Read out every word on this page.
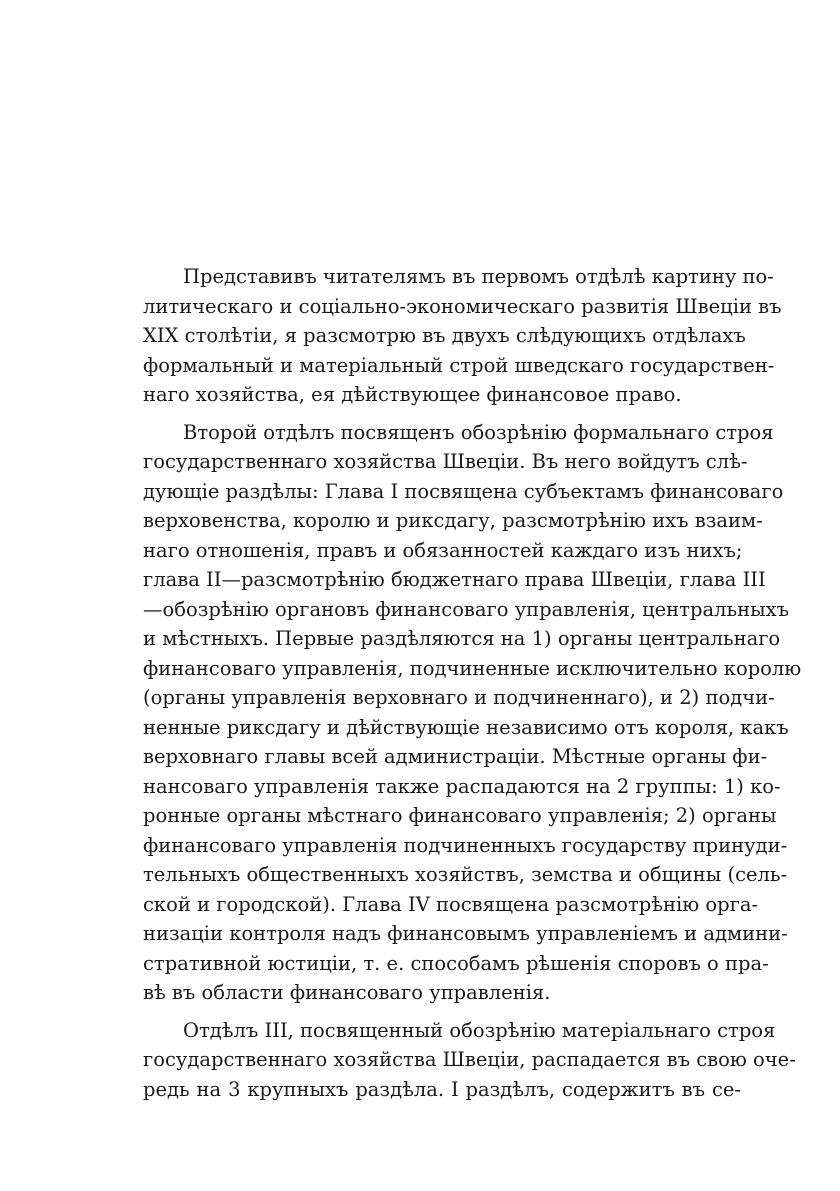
Представивъ читателямъ въ первомъ отдѣлѣ картину по-
литическаго и соціально-экономическаго развитія Швеціи въ
XIX столѣтіи, я разсмотрю въ двухъ слѣдующихъ отдѣлахъ
формальный и матеріальный строй шведскаго государствен-
наго хозяйства, ея дѣйствующее финансовое право.

Второй отдѣлъ посвященъ обозрѣнію формальнаго строя
государственнаго хозяйства Швеціи. Въ него войдутъ слѣ-
дующіе раздѣлы: Глава I посвящена субъектамъ финансоваго
верховенства, королю и риксдагу, разсмотрѣнію ихъ взаим-
наго отношенія, правъ и обязанностей каждаго изъ нихъ;
глава II—разсмотрѣнію бюджетнаго права Швеціи, глава III
—обозрѣнію органовъ финансоваго управленія, центральныхъ
и мѣстныхъ. Первые раздѣляются на 1) органы центральнаго
финансоваго управленія, подчиненные исключительно королю
(органы управленія верховнаго и подчиненнаго), и 2) подчи-
ненные риксдагу и дѣйствующіе независимо отъ короля, какъ
верховнаго главы всей администраціи. Мѣстные органы фи-
нансоваго управленія также распадаются на 2 группы: 1) ко-
ронные органы мѣстнаго финансоваго управленія; 2) органы
финансоваго управленія подчиненныхъ государству принуди-
тельныхъ общественныхъ хозяйствъ, земства и общины (сель-
ской и городской). Глава IV посвящена разсмотрѣнію орга-
низаціи контроля надъ финансовымъ управленіемъ и админи-
стративной юстиціи, т. е. способамъ рѣшенія споровъ о пра-
вѣ въ области финансоваго управленія.

Отдѣлъ III, посвященный обозрѣнію матеріальнаго строя
государственнаго хозяйства Швеціи, распадается въ свою оче-
редь на 3 крупныхъ раздѣла. I раздѣлъ, содержитъ въ се-
